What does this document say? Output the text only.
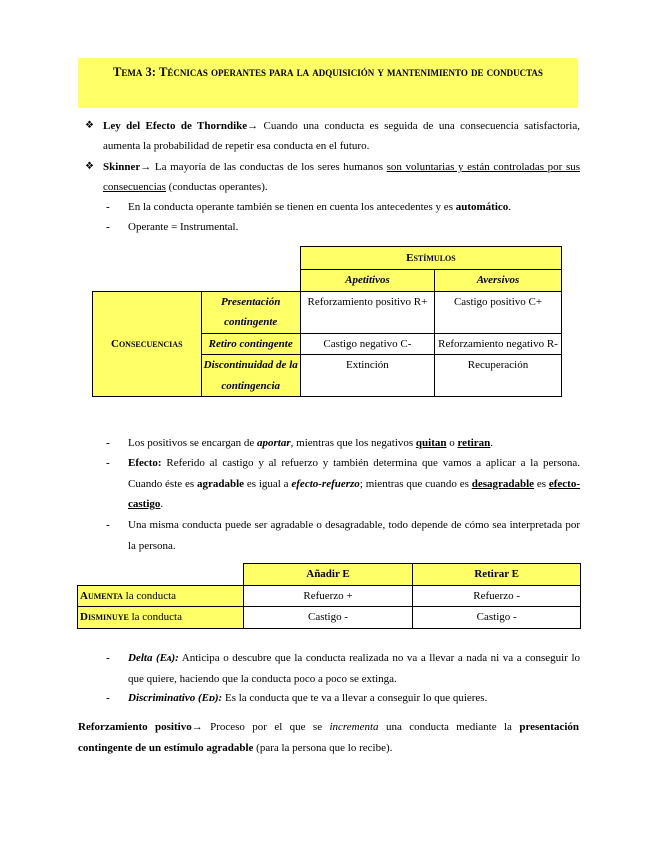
Tema 3: Técnicas operantes para la adquisición y mantenimiento de conductas
❖ Ley del Efecto de Thorndike→ Cuando una conducta es seguida de una consecuencia satisfactoria, aumenta la probabilidad de repetir esa conducta en el futuro.
❖ Skinner→ La mayoría de las conductas de los seres humanos son voluntarias y están controladas por sus consecuencias (conductas operantes).
- En la conducta operante también se tienen en cuenta los antecedentes y es automático.
- Operante = Instrumental.
		Estímulos	
		Apetitivos	Aversivos
Consecuencias	Presentación contingente	Reforzamiento positivo R+	Castigo positivo C+
	Retiro contingente	Castigo negativo C-	Reforzamiento negativo R-
	Discontinuidad de la contingencia	Extinción	Recuperación
- Los positivos se encargan de aportar, mientras que los negativos quitan o retiran.
- Efecto: Referido al castigo y al refuerzo y también determina que vamos a aplicar a la persona. Cuando éste es agradable es igual a efecto-refuerzo; mientras que cuando es desagradable es efecto-castigo.
- Una misma conducta puede ser agradable o desagradable, todo depende de cómo sea interpretada por la persona.
	Añadir E	Retirar E
Aumenta la conducta	Refuerzo +	Refuerzo -
Disminuye la conducta	Castigo -	Castigo -
- Delta (Eᴀ): Anticipa o descubre que la conducta realizada no va a llevar a nada ni va a conseguir lo que quiere, haciendo que la conducta poco a poco se extinga.
- Discriminativo (Eᴅ): Es la conducta que te va a llevar a conseguir lo que quieres.
Reforzamiento positivo→ Proceso por el que se incrementa una conducta mediante la presentación contingente de un estímulo agradable (para la persona que lo recibe).
